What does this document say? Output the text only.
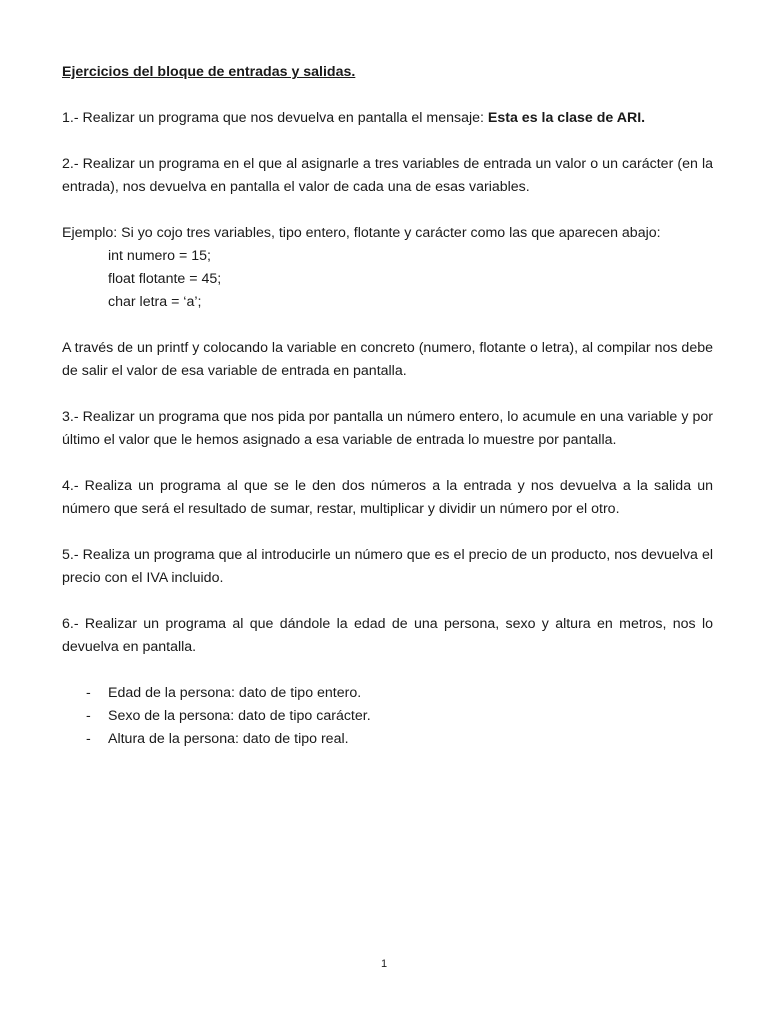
Ejercicios del bloque de entradas y salidas.

1.- Realizar un programa que nos devuelva en pantalla el mensaje: Esta es la clase de ARI.

2.- Realizar un programa en el que al asignarle a tres variables de entrada un valor o un carácter (en la entrada), nos devuelva en pantalla el valor de cada una de esas variables.

Ejemplo: Si yo cojo tres variables, tipo entero, flotante y carácter como las que aparecen abajo:

int numero = 15;
float flotante = 45;
char letra = ‘a’;

A través de un printf y colocando la variable en concreto (numero, flotante o letra), al compilar nos debe de salir el valor de esa variable de entrada en pantalla.

3.- Realizar un programa que nos pida por pantalla un número entero, lo acumule en una variable y por último el valor que le hemos asignado a esa variable de entrada lo muestre por pantalla.

4.- Realiza un programa al que se le den dos números a la entrada y nos devuelva a la salida un número que será el resultado de sumar, restar, multiplicar y dividir un número por el otro.

5.- Realiza un programa que al introducirle un número que es el precio de un producto, nos devuelva el precio con el IVA incluido.

6.- Realizar un programa al que dándole la edad de una persona, sexo y altura en metros, nos lo devuelva en pantalla.

- Edad de la persona: dato de tipo entero.
- Sexo de la persona: dato de tipo carácter.
- Altura de la persona: dato de tipo real.
1
